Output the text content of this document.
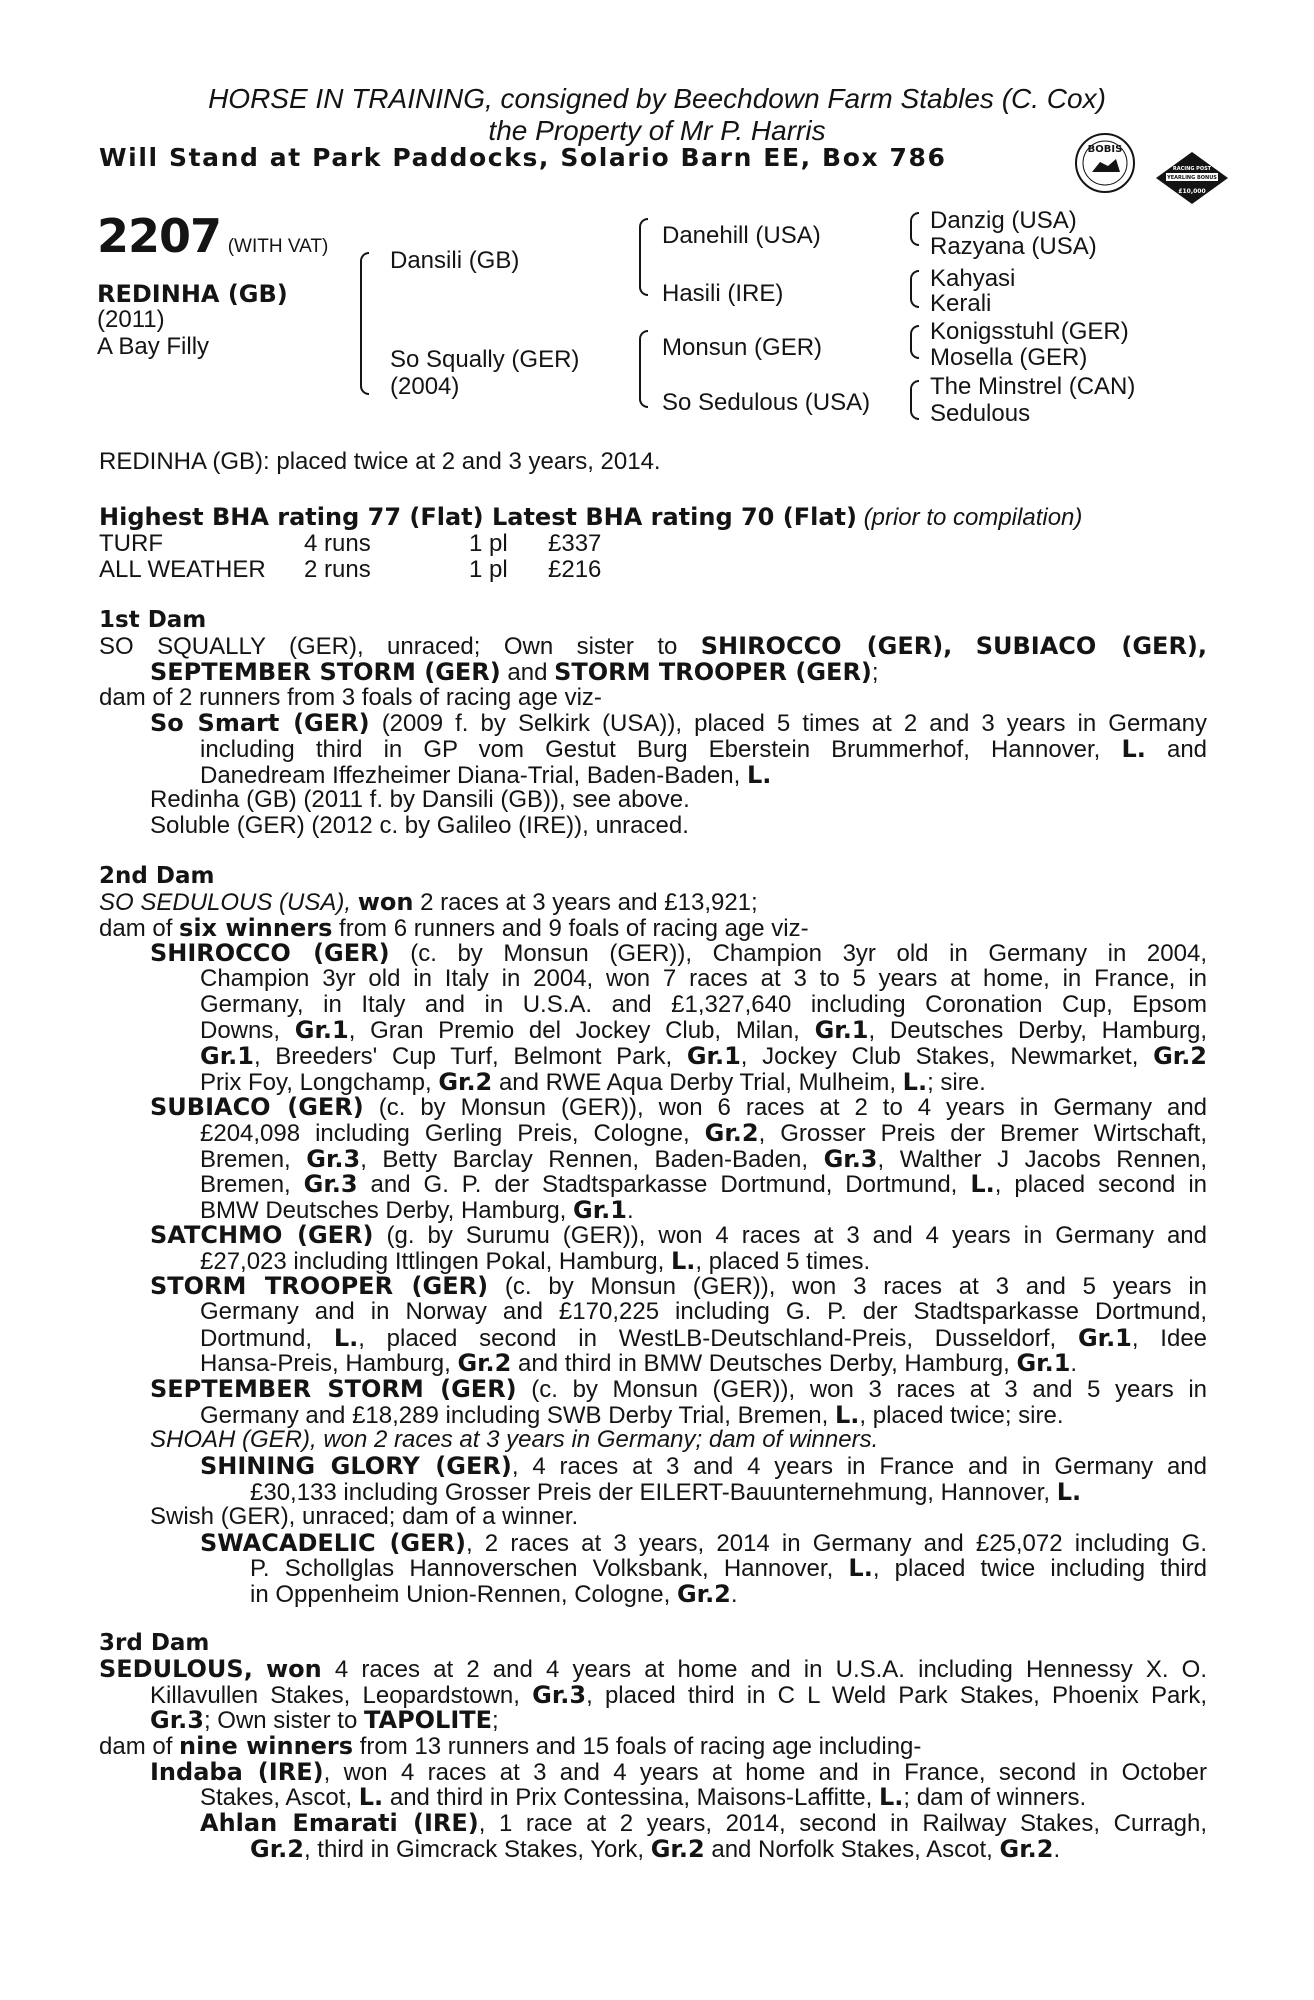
HORSE IN TRAINING, consigned by Beechdown Farm Stables (C. Cox)
the Property of Mr P. Harris
Will Stand at Park Paddocks, Solario Barn EE, Box 786	BOBIS
RACING POST
YEARLING BONUS
£10,000
2207 (WITH VAT)
REDINHA (GB)
(2011)
A Bay Filly
Dansili (GB)
So Squally (GER)
(2004)
Danehill (USA)
Hasili (IRE)
Monsun (GER)
So Sedulous (USA)
Danzig (USA)
Razyana (USA)
Kahyasi
Kerali
Konigsstuhl (GER)
Mosella (GER)
The Minstrel (CAN)
Sedulous
REDINHA (GB): placed twice at 2 and 3 years, 2014.
Highest BHA rating 77 (Flat) Latest BHA rating 70 (Flat) (prior to compilation)
TURF	4 runs	1 pl £337
ALL WEATHER 2 runs	1 pl £216
1st Dam
SO SQUALLY (GER), unraced; Own sister to SHIROCCO (GER), SUBIACO (GER),
SEPTEMBER STORM (GER) and STORM TROOPER (GER);
dam of 2 runners from 3 foals of racing age viz-
So Smart (GER) (2009 f. by Selkirk (USA)), placed 5 times at 2 and 3 years in Germany
including third in GP vom Gestut Burg Eberstein Brummerhof, Hannover, L. and
Danedream Iffezheimer Diana-Trial, Baden-Baden, L.
Redinha (GB) (2011 f. by Dansili (GB)), see above.
Soluble (GER) (2012 c. by Galileo (IRE)), unraced.
2nd Dam
SO SEDULOUS (USA), won 2 races at 3 years and £13,921;
dam of six winners from 6 runners and 9 foals of racing age viz-
SHIROCCO (GER) (c. by Monsun (GER)), Champion 3yr old in Germany in 2004,
Champion 3yr old in Italy in 2004, won 7 races at 3 to 5 years at home, in France, in
Germany, in Italy and in U.S.A. and £1,327,640 including Coronation Cup, Epsom
Downs, Gr.1, Gran Premio del Jockey Club, Milan, Gr.1, Deutsches Derby, Hamburg,
Gr.1, Breeders' Cup Turf, Belmont Park, Gr.1, Jockey Club Stakes, Newmarket, Gr.2
Prix Foy, Longchamp, Gr.2 and RWE Aqua Derby Trial, Mulheim, L.; sire.
SUBIACO (GER) (c. by Monsun (GER)), won 6 races at 2 to 4 years in Germany and
£204,098 including Gerling Preis, Cologne, Gr.2, Grosser Preis der Bremer Wirtschaft,
Bremen, Gr.3, Betty Barclay Rennen, Baden-Baden, Gr.3, Walther J Jacobs Rennen,
Bremen, Gr.3 and G. P. der Stadtsparkasse Dortmund, Dortmund, L., placed second in
BMW Deutsches Derby, Hamburg, Gr.1.
SATCHMO (GER) (g. by Surumu (GER)), won 4 races at 3 and 4 years in Germany and
£27,023 including Ittlingen Pokal, Hamburg, L., placed 5 times.
STORM TROOPER (GER) (c. by Monsun (GER)), won 3 races at 3 and 5 years in
Germany and in Norway and £170,225 including G. P. der Stadtsparkasse Dortmund,
Dortmund, L., placed second in WestLB-Deutschland-Preis, Dusseldorf, Gr.1, Idee
Hansa-Preis, Hamburg, Gr.2 and third in BMW Deutsches Derby, Hamburg, Gr.1.
SEPTEMBER STORM (GER) (c. by Monsun (GER)), won 3 races at 3 and 5 years in
Germany and £18,289 including SWB Derby Trial, Bremen, L., placed twice; sire.
SHOAH (GER), won 2 races at 3 years in Germany; dam of winners.
SHINING GLORY (GER), 4 races at 3 and 4 years in France and in Germany and
£30,133 including Grosser Preis der EILERT-Bauunternehmung, Hannover, L.
Swish (GER), unraced; dam of a winner.
SWACADELIC (GER), 2 races at 3 years, 2014 in Germany and £25,072 including G.
P. Schollglas Hannoverschen Volksbank, Hannover, L., placed twice including third
in Oppenheim Union-Rennen, Cologne, Gr.2.
3rd Dam
SEDULOUS, won 4 races at 2 and 4 years at home and in U.S.A. including Hennessy X. O.
Killavullen Stakes, Leopardstown, Gr.3, placed third in C L Weld Park Stakes, Phoenix Park,
Gr.3; Own sister to TAPOLITE;
dam of nine winners from 13 runners and 15 foals of racing age including-
Indaba (IRE), won 4 races at 3 and 4 years at home and in France, second in October
Stakes, Ascot, L. and third in Prix Contessina, Maisons-Laffitte, L.; dam of winners.
Ahlan Emarati (IRE), 1 race at 2 years, 2014, second in Railway Stakes, Curragh,
Gr.2, third in Gimcrack Stakes, York, Gr.2 and Norfolk Stakes, Ascot, Gr.2.
